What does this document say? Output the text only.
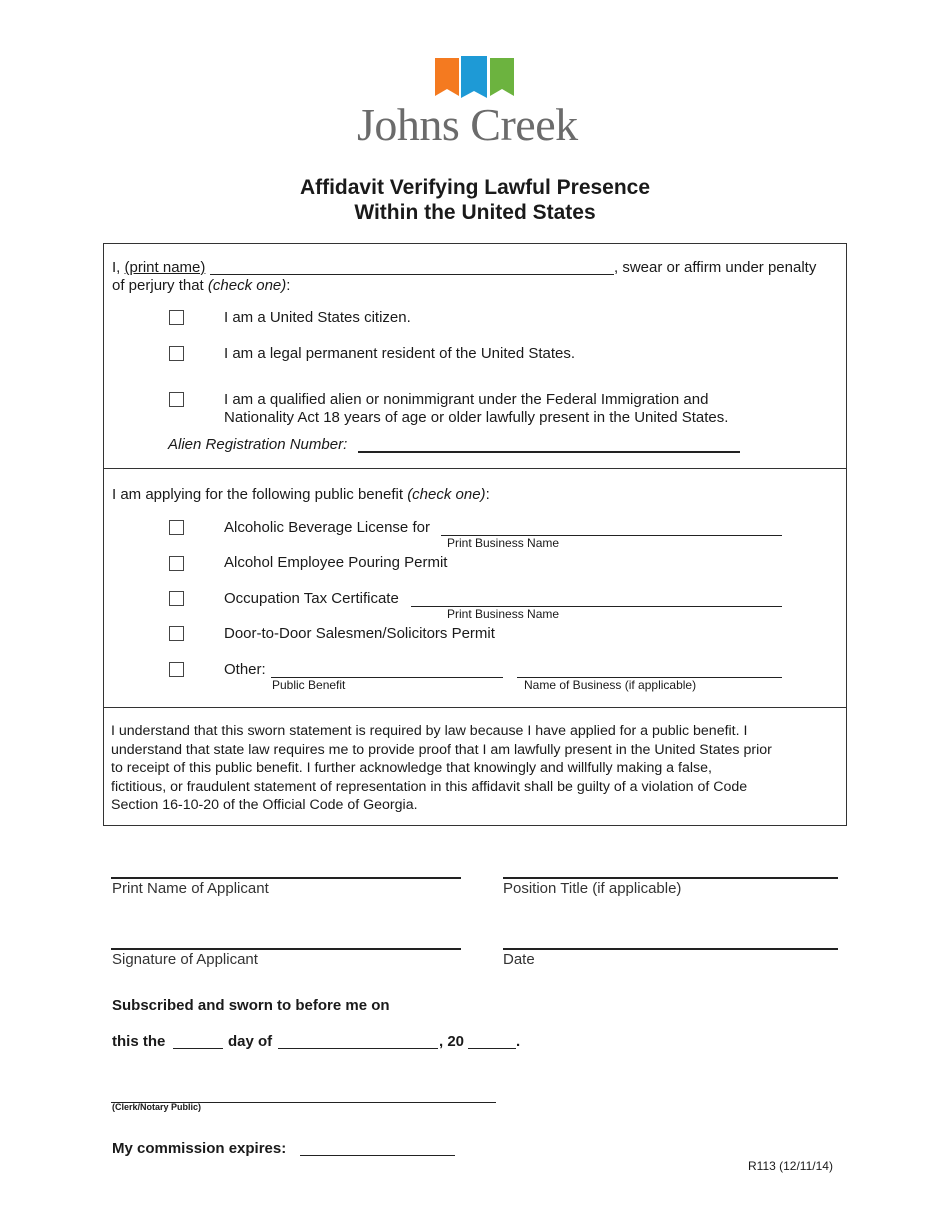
Johns Creek
Affidavit Verifying Lawful Presence
Within the United States
I, (print name)	, swear or affirm under penalty
of perjury that (check one):
I am a United States citizen.
I am a legal permanent resident of the United States.
I am a qualified alien or nonimmigrant under the Federal Immigration and
Nationality Act 18 years of age or older lawfully present in the United States.
Alien Registration Number:
I am applying for the following public benefit (check one):
Alcoholic Beverage License for
Print Business Name
Alcohol Employee Pouring Permit
Occupation Tax Certificate
Print Business Name
Door-to-Door Salesmen/Solicitors Permit
Other:
Public Benefit	Name of Business (if applicable)
I understand that this sworn statement is required by law because I have applied for a public benefit. I
understand that state law requires me to provide proof that I am lawfully present in the United States prior
to receipt of this public benefit. I further acknowledge that knowingly and willfully making a false,
fictitious, or fraudulent statement of representation in this affidavit shall be guilty of a violation of Code
Section 16-10-20 of the Official Code of Georgia.
Print Name of Applicant	Position Title (if applicable)
Signature of Applicant	Date
Subscribed and sworn to before me on
this the	day of	, 20	.
(Clerk/Notary Public)
My commission expires:
R113 (12/11/14)
